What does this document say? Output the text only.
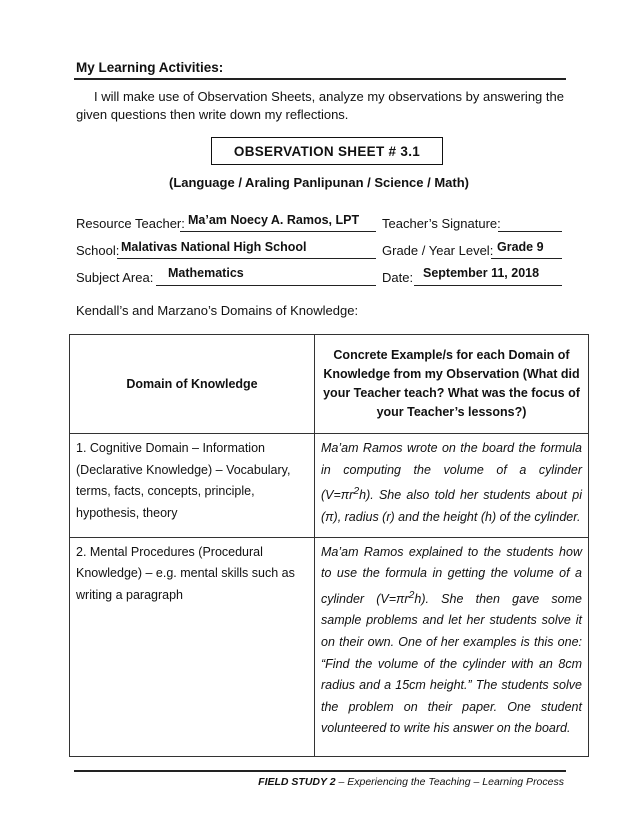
My Learning Activities:
I will make use of Observation Sheets, analyze my observations by answering the given questions then write down my reflections.
OBSERVATION SHEET # 3.1
(Language / Araling Panlipunan / Science / Math)
Resource Teacher: Ma’am Noecy A. Ramos, LPT Teacher’s Signature:
School: Malativas National High School	Grade / Year Level: Grade 9
Subject Area: Mathematics	Date: September 11, 2018
Kendall’s and Marzano’s Domains of Knowledge:
Domain of Knowledge	Concrete Example/s for each Domain of Knowledge from my Observation (What did your Teacher teach? What was the focus of your Teacher’s lessons?)

1. Cognitive Domain – Information (Declarative Knowledge) – Vocabulary, terms, facts, concepts, principle, hypothesis, theory	Ma’am Ramos wrote on the board the formula in computing the volume of a cylinder $(V=\pi r^2h)$. She also told her students about pi (π), radius (r) and the height (h) of the cylinder.
2. Mental Procedures (Procedural Knowledge) – e.g. mental skills such as writing a paragraph	Ma’am Ramos explained to the students how to use the formula in getting the volume of a cylinder $(V=\pi r^2h)$. She then gave some sample problems and let her students solve it on their own. One of her examples is this one: “Find the volume of the cylinder with an 8cm radius and a 15cm height.” The students solve the problem on their paper. One student volunteered to write his answer on the board.
FIELD STUDY 2 – Experiencing the Teaching – Learning Process
